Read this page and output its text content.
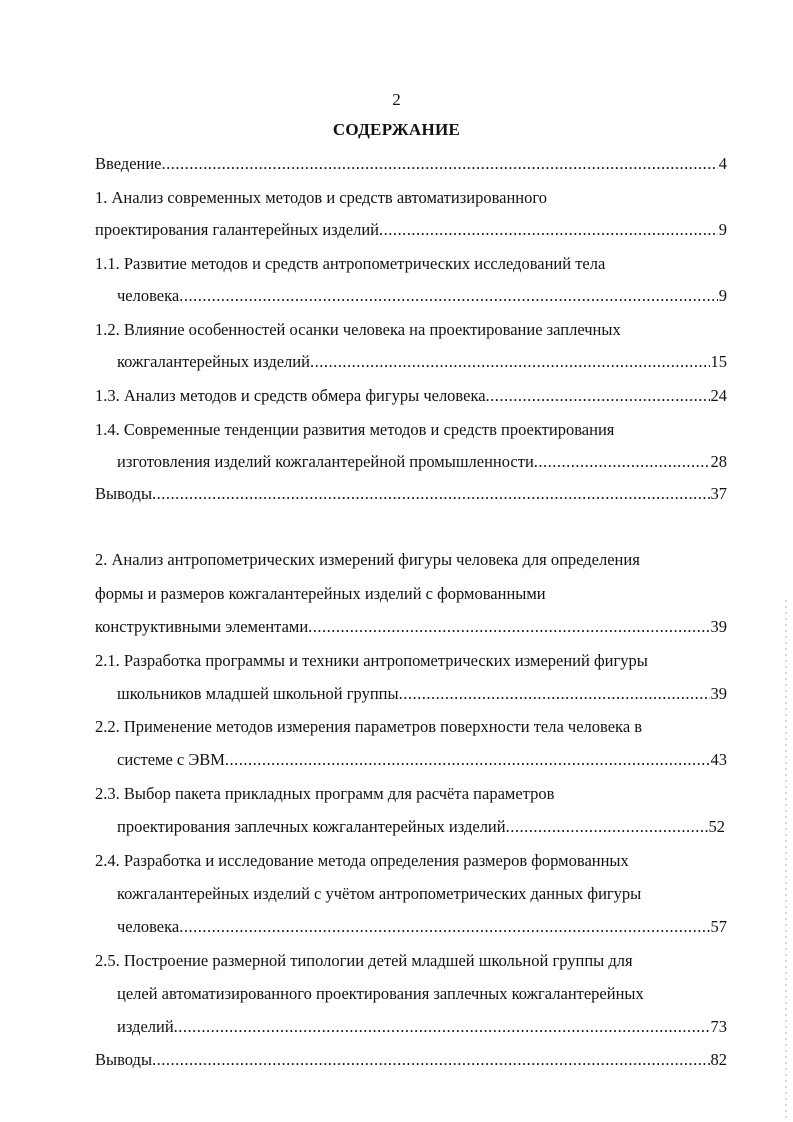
2
СОДЕРЖАНИЕ
Введение .....	4
1. Анализ современных методов и средств автоматизированного
проектирования галантерейных изделий .....	9
1.1. Развитие методов и средств антропометрических исследований тела
человека .....	9
1.2. Влияние особенностей осанки человека на проектирование заплечных
кожгалантерейных изделий .....	15
1.3. Анализ методов и средств обмера фигуры человека .....	24
1.4. Современные тенденции развития методов и средств проектирования
изготовления изделий кожгалантерейной промышленности .....	28
Выводы .....	37
2. Анализ антропометрических измерений фигуры человека для определения
формы и размеров кожгалантерейных изделий с формованными
конструктивными элементами .....	39
2.1. Разработка программы и техники антропометрических измерений фигуры
школьников младшей школьной группы .....	39
2.2. Применение методов измерения параметров поверхности тела человека в
системе с ЭВМ .....	43
2.3. Выбор пакета прикладных программ для расчёта параметров
проектирования заплечных кожгалантерейных изделий .....	52
2.4. Разработка и исследование метода определения размеров формованных
кожгалантерейных изделий с учётом антропометрических данных фигуры
человека .....	57
2.5. Построение размерной типологии детей младшей школьной группы для
целей автоматизированного проектирования заплечных кожгалантерейных
изделий .....	73
Выводы .....	82
